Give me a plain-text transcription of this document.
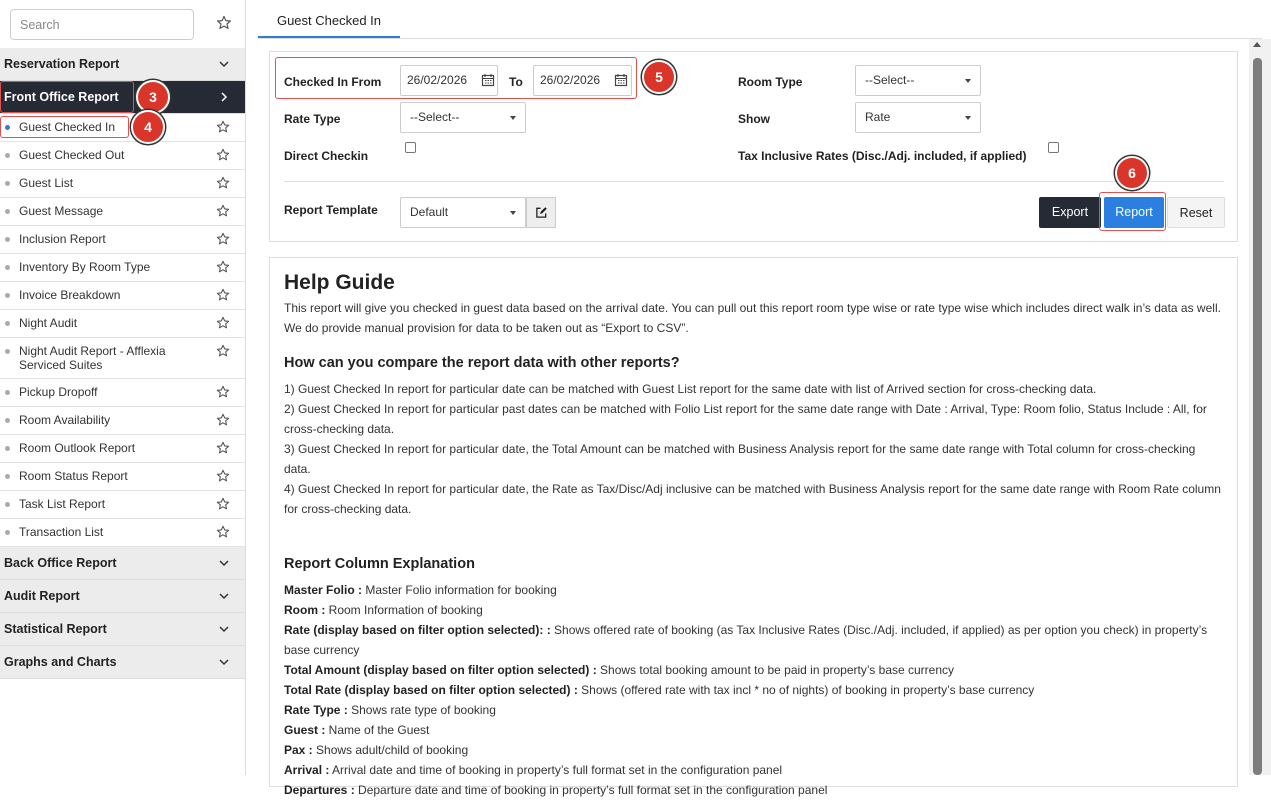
Search
Reservation Report
Front Office Report
Guest Checked In
Guest Checked Out
Guest List
Guest Message
Inclusion Report
Inventory By Room Type
Invoice Breakdown
Night Audit
Night Audit Report - Afflexia Serviced Suites
Pickup Dropoff
Room Availability
Room Outlook Report
Room Status Report
Task List Report
Transaction List
Back Office Report
Audit Report
Statistical Report
Graphs and Charts
Guest Checked In
Checked In From	26/02/2026	To	26/02/2026	Room Type	--Select--
Rate Type	--Select--	Show	Rate
Direct Checkin	Tax Inclusive Rates (Disc./Adj. included, if applied)
Report Template	Default	Export	Report	Reset
Help Guide

This report will give you checked in guest data based on the arrival date. You can pull out this report room type wise or rate type wise which includes direct walk in’s data as well. We do provide manual provision for data to be taken out as “Export to CSV”.

How can you compare the report data with other reports?

1) Guest Checked In report for particular date can be matched with Guest List report for the same date with list of Arrived section for cross-checking data.

2) Guest Checked In report for particular past dates can be matched with Folio List report for the same date range with Date : Arrival, Type: Room folio, Status Include : All, for cross-checking data.

3) Guest Checked In report for particular date, the Total Amount can be matched with Business Analysis report for the same date range with Total column for cross-checking data.

4) Guest Checked In report for particular date, the Rate as Tax/Disc/Adj inclusive can be matched with Business Analysis report for the same date range with Room Rate column for cross-checking data.

Report Column Explanation

Master Folio : Master Folio information for booking

Room : Room Information of booking

Rate (display based on filter option selected): : Shows offered rate of booking (as Tax Inclusive Rates (Disc./Adj. included, if applied) as per option you check) in property’s base currency

Total Amount (display based on filter option selected) : Shows total booking amount to be paid in property’s base currency

Total Rate (display based on filter option selected) : Shows (offered rate with tax incl * no of nights) of booking in property’s base currency

Rate Type : Shows rate type of booking

Guest : Name of the Guest

Pax : Shows adult/child of booking

Arrival : Arrival date and time of booking in property’s full format set in the configuration panel

Departures : Departure date and time of booking in property’s full format set in the configuration panel

3
4
5
6
